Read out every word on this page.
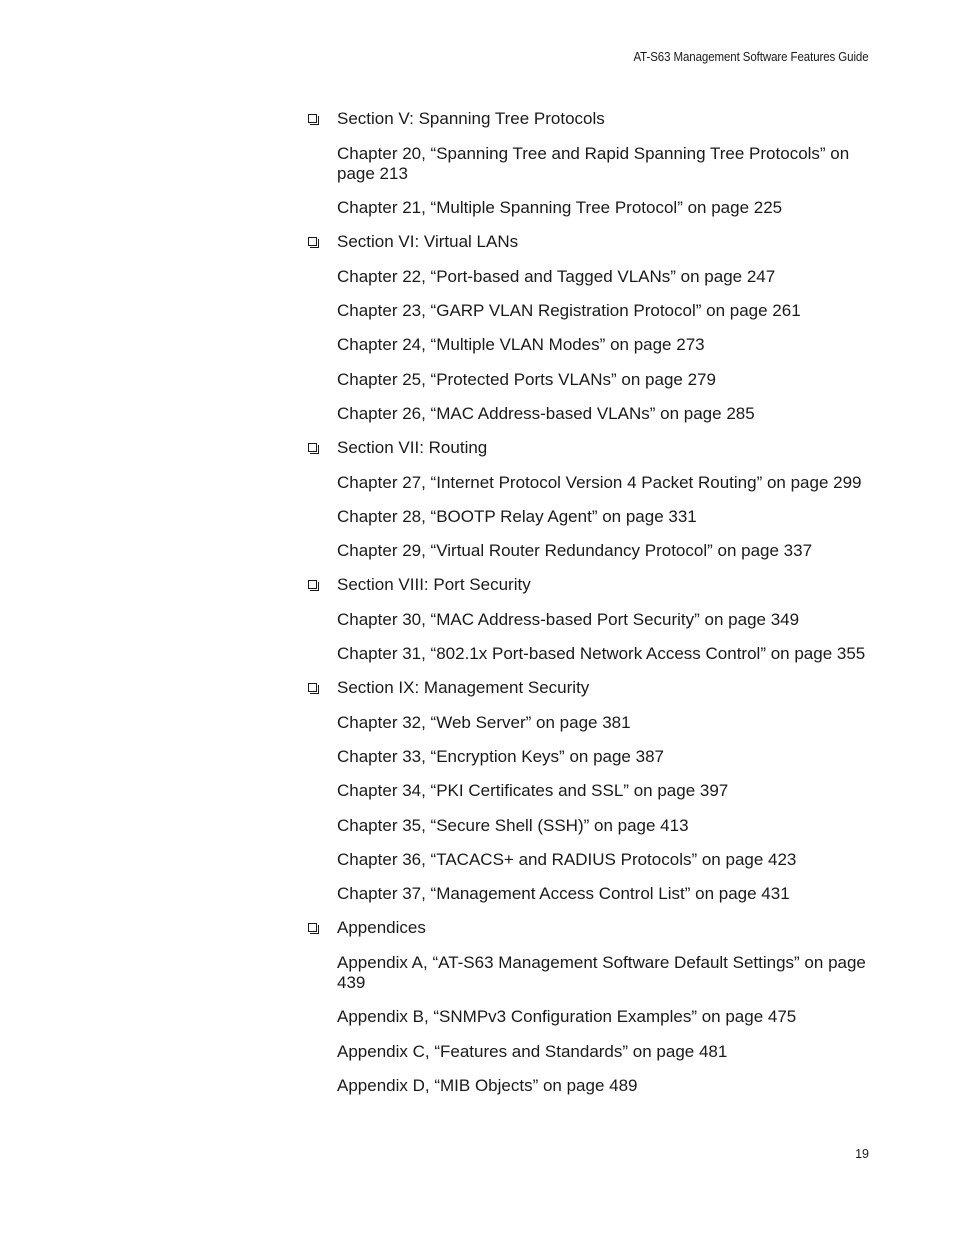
AT-S63 Management Software Features Guide
Section V: Spanning Tree Protocols
Chapter 20, “Spanning Tree and Rapid Spanning Tree Protocols” on page 213
Chapter 21, “Multiple Spanning Tree Protocol” on page 225
Section VI: Virtual LANs
Chapter 22, “Port-based and Tagged VLANs” on page 247
Chapter 23, “GARP VLAN Registration Protocol” on page 261
Chapter 24, “Multiple VLAN Modes” on page 273
Chapter 25, “Protected Ports VLANs” on page 279
Chapter 26, “MAC Address-based VLANs” on page 285
Section VII: Routing
Chapter 27, “Internet Protocol Version 4 Packet Routing” on page 299
Chapter 28, “BOOTP Relay Agent” on page 331
Chapter 29, “Virtual Router Redundancy Protocol” on page 337
Section VIII: Port Security
Chapter 30, “MAC Address-based Port Security” on page 349
Chapter 31, “802.1x Port-based Network Access Control” on page 355
Section IX: Management Security
Chapter 32, “Web Server” on page 381
Chapter 33, “Encryption Keys” on page 387
Chapter 34, “PKI Certificates and SSL” on page 397
Chapter 35, “Secure Shell (SSH)” on page 413
Chapter 36, “TACACS+ and RADIUS Protocols” on page 423
Chapter 37, “Management Access Control List” on page 431
Appendices
Appendix A, “AT-S63 Management Software Default Settings” on page 439
Appendix B, “SNMPv3 Configuration Examples” on page 475
Appendix C, “Features and Standards” on page 481
Appendix D, “MIB Objects” on page 489
19
